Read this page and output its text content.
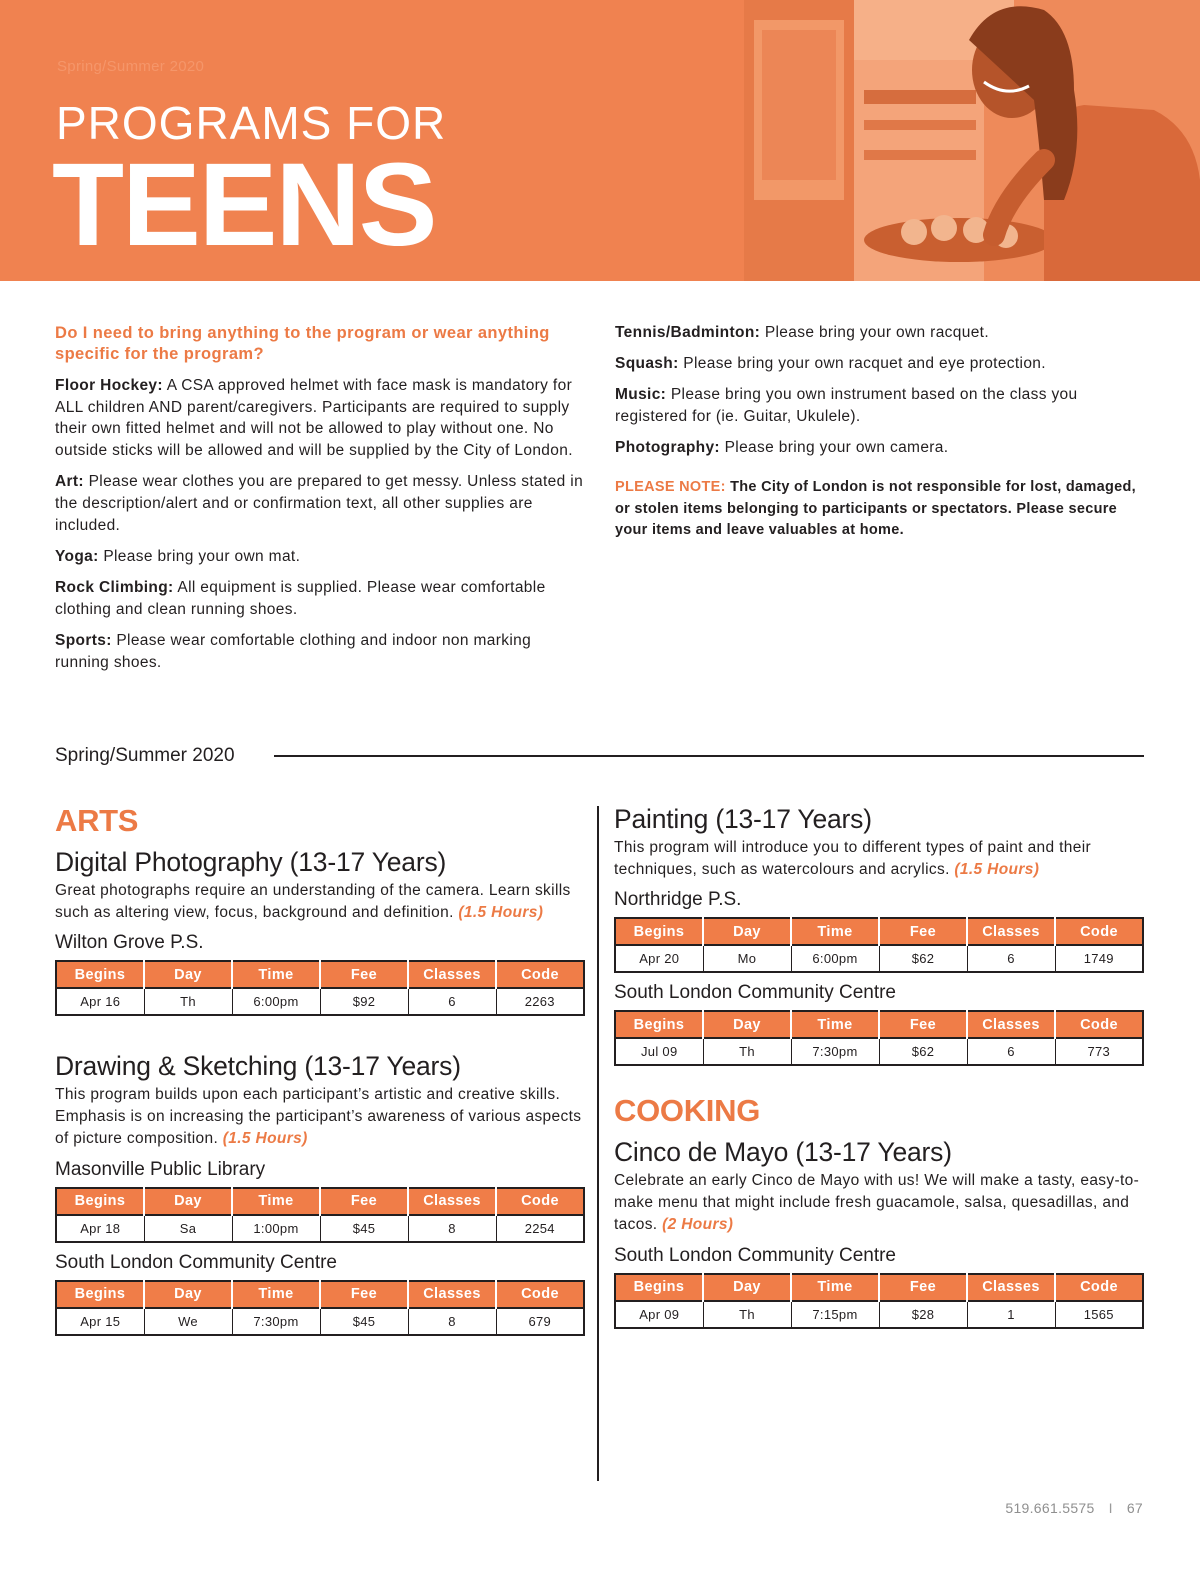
Spring/Summer 2020
PROGRAMS FOR
TEENS
Do I need to bring anything to the program or wear anything specific for the program?

Floor Hockey: A CSA approved helmet with face mask is mandatory for ALL children AND parent/caregivers. Participants are required to supply their own fitted helmet and will not be allowed to play without one. No outside sticks will be allowed and will be supplied by the City of London.

Art: Please wear clothes you are prepared to get messy. Unless stated in the description/alert and or confirmation text, all other supplies are included.

Yoga: Please bring your own mat.

Rock Climbing: All equipment is supplied. Please wear comfortable clothing and clean running shoes.

Sports: Please wear comfortable clothing and indoor non marking running shoes.

Tennis/Badminton: Please bring your own racquet.

Squash: Please bring your own racquet and eye protection.

Music: Please bring you own instrument based on the class you registered for (ie. Guitar, Ukulele).

Photography: Please bring your own camera.

PLEASE NOTE: The City of London is not responsible for lost, damaged, or stolen items belonging to participants or spectators. Please secure your items and leave valuables at home.

Spring/Summer 2020
ARTS
Digital Photography (13-17 Years)
Great photographs require an understanding of the camera. Learn skills such as altering view, focus, background and definition. (1.5 Hours)
Wilton Grove P.S.
Begins	Day	Time	Fee	Classes	Code
Apr 16	Th	6:00pm	$92	6	2263
Drawing & Sketching (13-17 Years)
This program builds upon each participant’s artistic and creative skills. Emphasis is on increasing the participant’s awareness of various aspects of picture composition. (1.5 Hours)
Masonville Public Library
Begins	Day	Time	Fee	Classes	Code
Apr 18	Sa	1:00pm	$45	8	2254
South London Community Centre
Begins	Day	Time	Fee	Classes	Code
Apr 15	We	7:30pm	$45	8	679
Painting (13-17 Years)
This program will introduce you to different types of paint and their techniques, such as watercolours and acrylics. (1.5 Hours)
Northridge P.S.
Begins	Day	Time	Fee	Classes	Code
Apr 20	Mo	6:00pm	$62	6	1749
South London Community Centre
Begins	Day	Time	Fee	Classes	Code
Jul 09	Th	7:30pm	$62	6	773
COOKING
Cinco de Mayo (13-17 Years)
Celebrate an early Cinco de Mayo with us! We will make a tasty, easy-to-make menu that might include fresh guacamole, salsa, quesadillas, and tacos. (2 Hours)
South London Community Centre
Begins	Day	Time	Fee	Classes	Code
Apr 09	Th	7:15pm	$28	1	1565
519.661.5575 I 67
